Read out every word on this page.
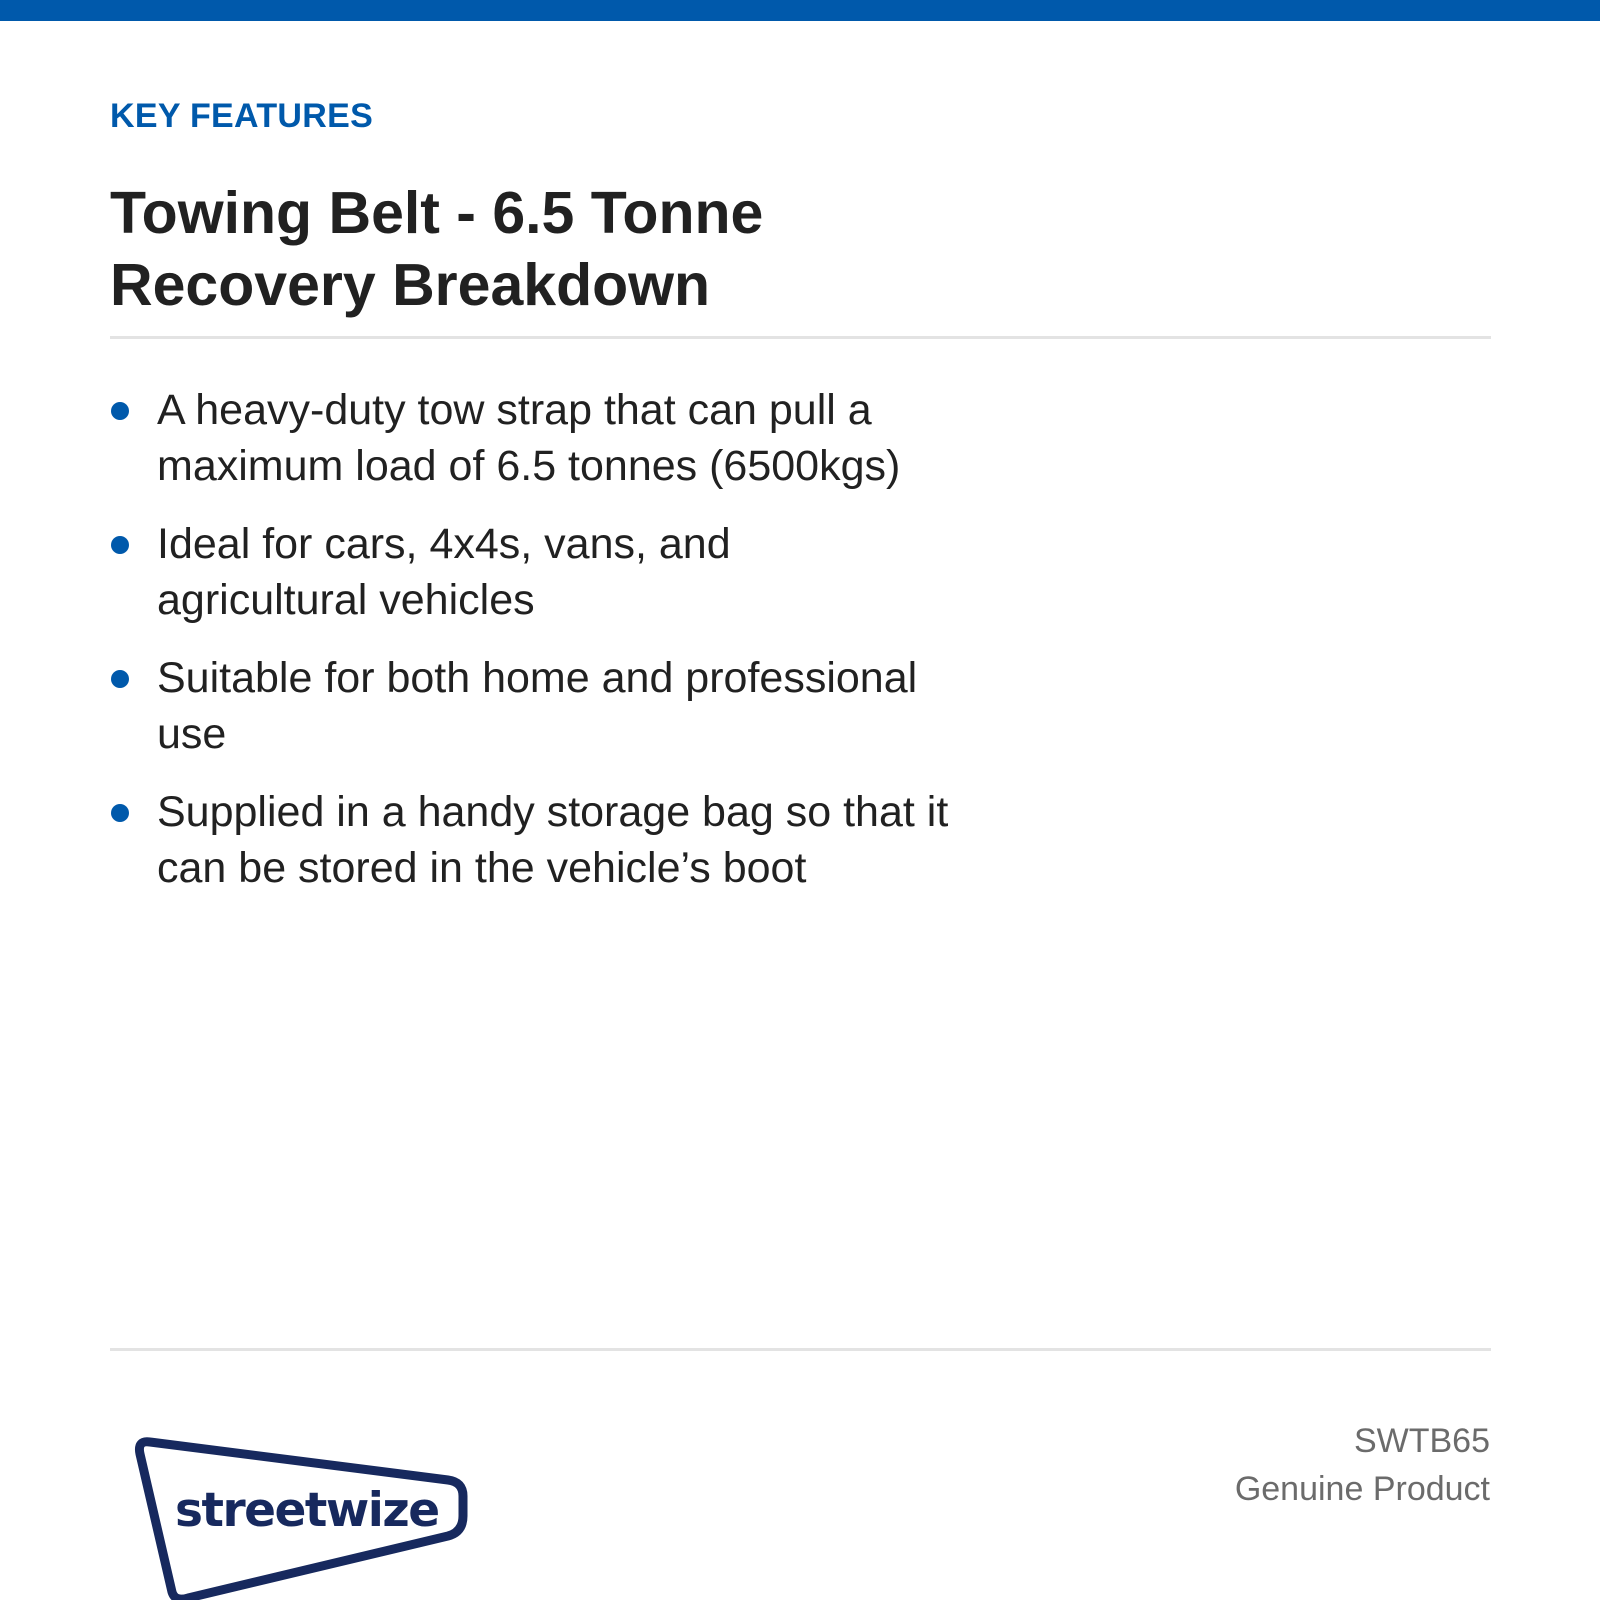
KEY FEATURES
Towing Belt - 6.5 Tonne
Recovery Breakdown
A heavy-duty tow strap that can pull a
maximum load of 6.5 tonnes (6500kgs)
Ideal for cars, 4x4s, vans, and
agricultural vehicles
Suitable for both home and professional
use
Supplied in a handy storage bag so that it
can be stored in the vehicle’s boot
streetwize
SWTB65
Genuine Product
